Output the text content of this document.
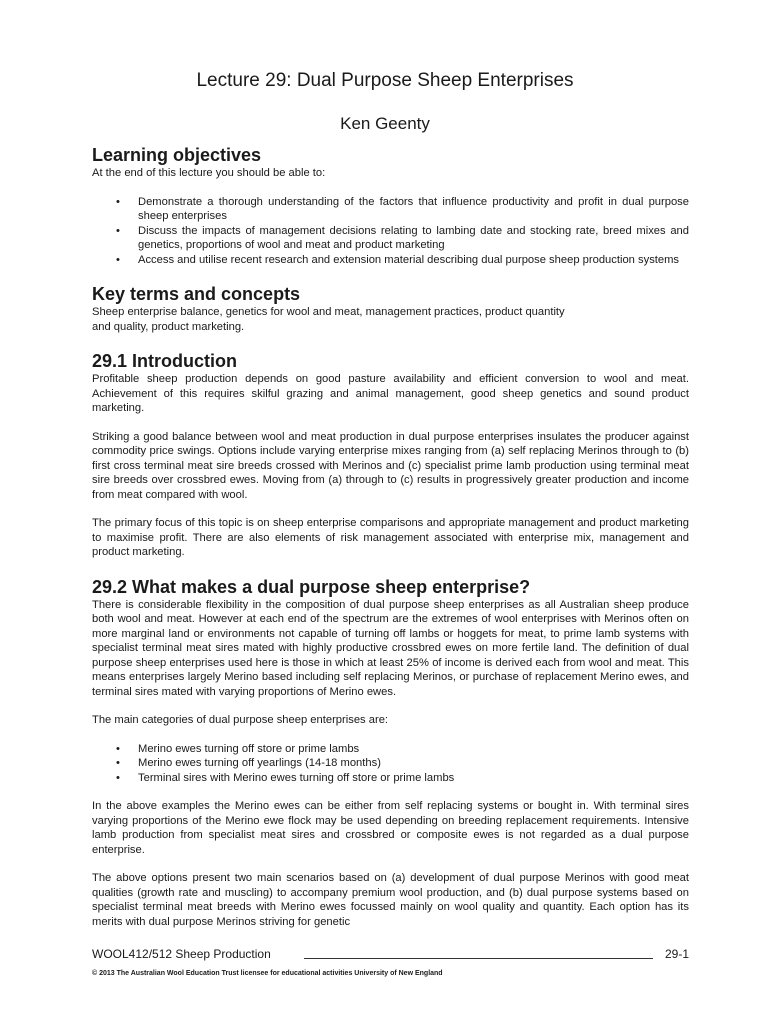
Lecture 29: Dual Purpose Sheep Enterprises
Ken Geenty
Learning objectives

At the end of this lecture you should be able to:

• Demonstrate a thorough understanding of the factors that influence productivity and profit in dual purpose sheep enterprises
• Discuss the impacts of management decisions relating to lambing date and stocking rate, breed mixes and genetics, proportions of wool and meat and product marketing
• Access and utilise recent research and extension material describing dual purpose sheep production systems
Key terms and concepts

Sheep enterprise balance, genetics for wool and meat, management practices, product quantity

and quality, product marketing.

29.1 Introduction

Profitable sheep production depends on good pasture availability and efficient conversion to wool and meat. Achievement of this requires skilful grazing and animal management, good sheep genetics and sound product marketing.

Striking a good balance between wool and meat production in dual purpose enterprises insulates the producer against commodity price swings. Options include varying enterprise mixes ranging from (a) self replacing Merinos through to (b) first cross terminal meat sire breeds crossed with Merinos and (c) specialist prime lamb production using terminal meat sire breeds over crossbred ewes. Moving from (a) through to (c) results in progressively greater production and income from meat compared with wool.

The primary focus of this topic is on sheep enterprise comparisons and appropriate management and product marketing to maximise profit. There are also elements of risk management associated with enterprise mix, management and product marketing.

29.2 What makes a dual purpose sheep enterprise?

There is considerable flexibility in the composition of dual purpose sheep enterprises as all Australian sheep produce both wool and meat. However at each end of the spectrum are the extremes of wool enterprises with Merinos often on more marginal land or environments not capable of turning off lambs or hoggets for meat, to prime lamb systems with specialist terminal meat sires mated with highly productive crossbred ewes on more fertile land. The definition of dual purpose sheep enterprises used here is those in which at least 25% of income is derived each from wool and meat. This means enterprises largely Merino based including self replacing Merinos, or purchase of replacement Merino ewes, and terminal sires mated with varying proportions of Merino ewes.

The main categories of dual purpose sheep enterprises are:

• Merino ewes turning off store or prime lambs
• Merino ewes turning off yearlings (14-18 months)
• Terminal sires with Merino ewes turning off store or prime lambs

In the above examples the Merino ewes can be either from self replacing systems or bought in. With terminal sires varying proportions of the Merino ewe flock may be used depending on breeding replacement requirements. Intensive lamb production from specialist meat sires and crossbred or composite ewes is not regarded as a dual purpose enterprise.

The above options present two main scenarios based on (a) development of dual purpose Merinos with good meat qualities (growth rate and muscling) to accompany premium wool production, and (b) dual purpose systems based on specialist terminal meat breeds with Merino ewes focussed mainly on wool quality and quantity. Each option has its merits with dual purpose Merinos striving for genetic

WOOL412/512 Sheep Production	29-1
© 2013 The Australian Wool Education Trust licensee for educational activities University of New England
